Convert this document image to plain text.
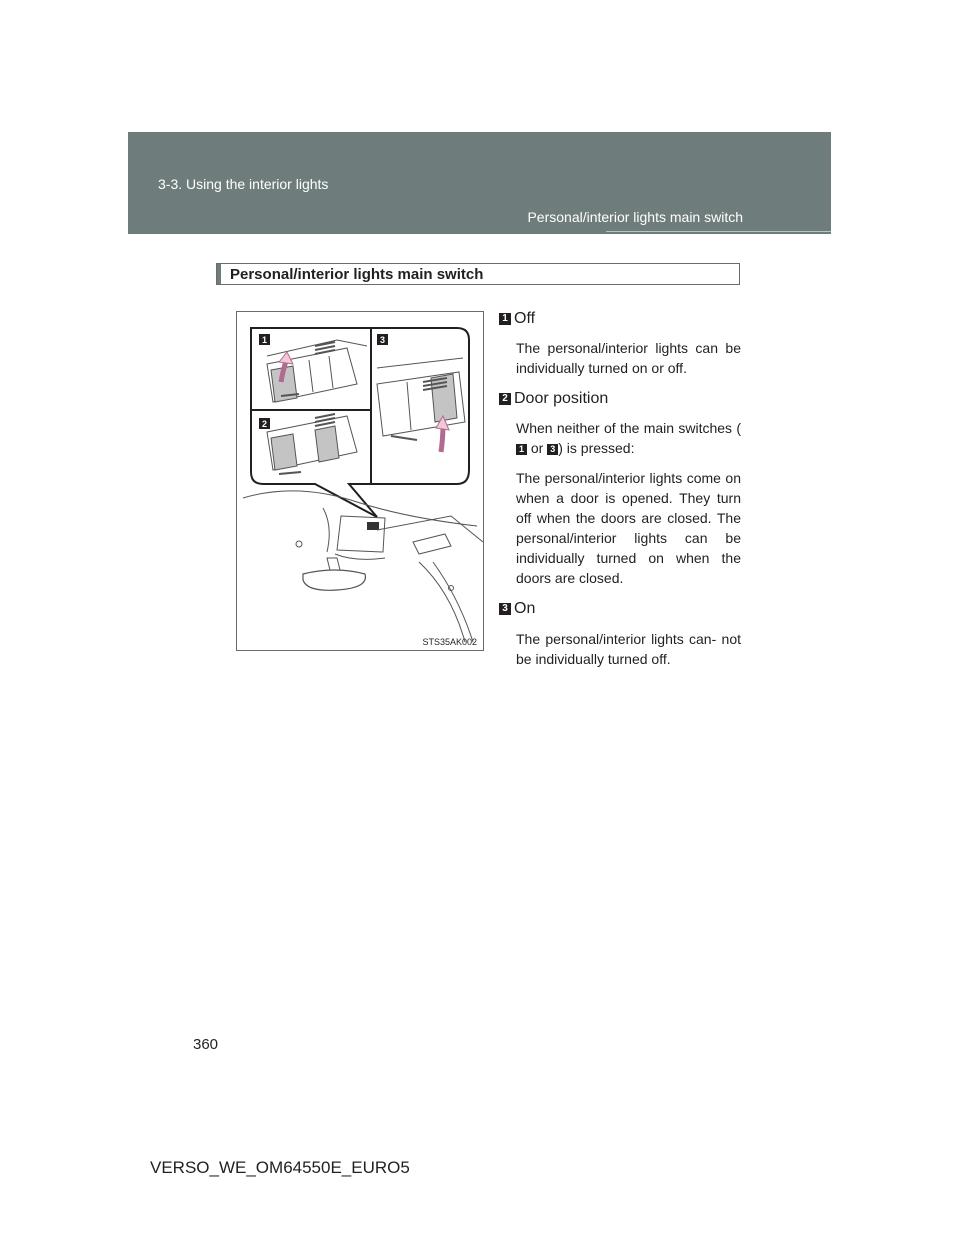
3-3. Using the interior lights
Personal/interior lights main switch
Personal/interior lights main switch
1
2
3
STS35AK002
1 Off
The personal/interior lights can be individually turned on or off.
2 Door position
When neither of the main switches (1 or 3 ) is pressed:
The personal/interior lights come on when a door is opened. They turn off when the doors are closed. The personal/interior lights can be individually turned on when the doors are closed.
3 On
The personal/interior lights can- not be individually turned off.
360
VERSO_WE_OM64550E_EURO5
